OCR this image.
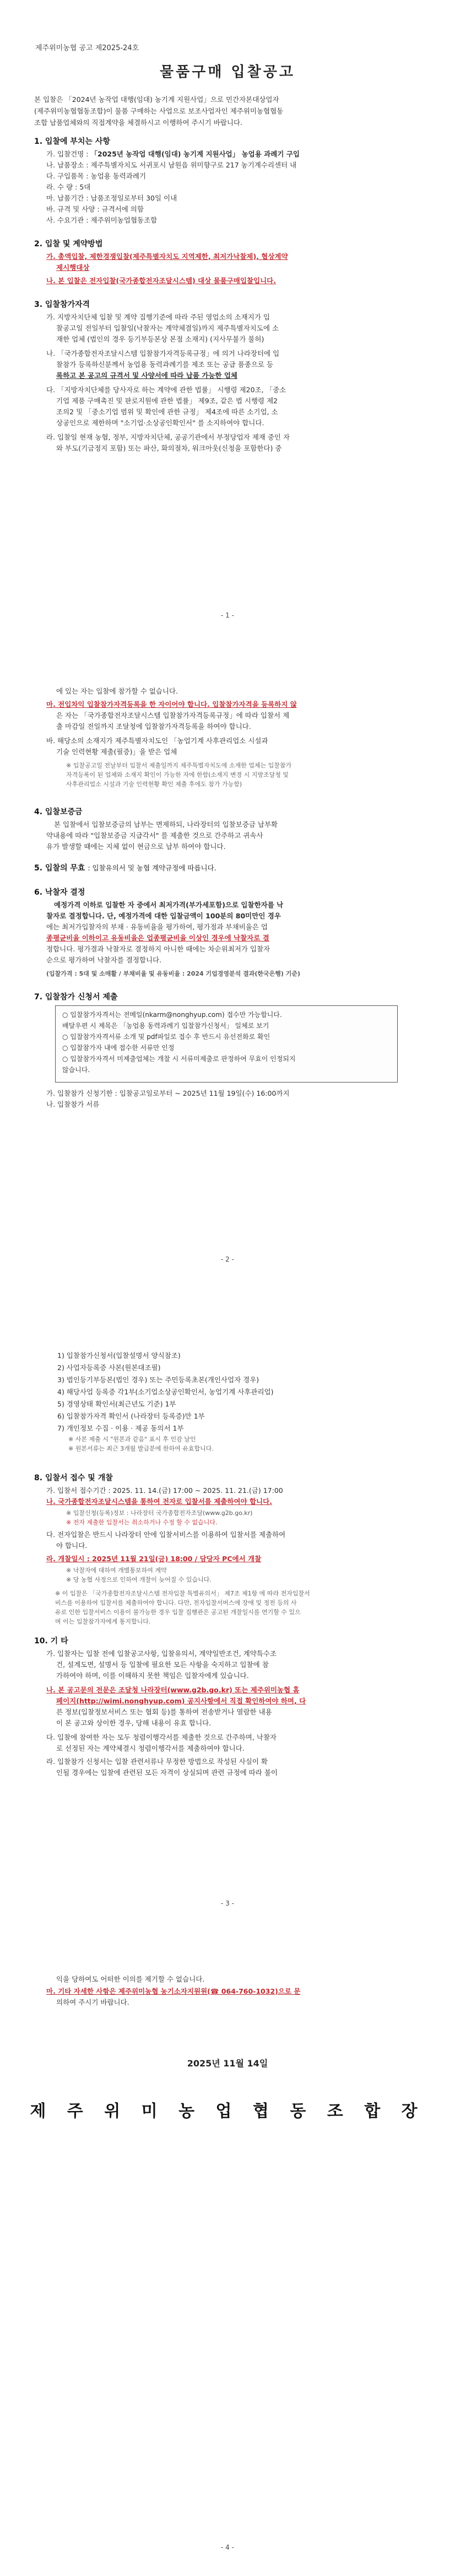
제주위미농협 공고 제2025-24호
물품구매 입찰공고
본 입찰은 「2024년 농작업 대행(임대) 농기계 지원사업」으로 민간자본대상업자
(제주위미농협협동조합)이 물품 구매하는 사업으로 보조사업자인 제주위미농협협동
조합 납품업체와의 직접계약을 체결하시고 이행하여 주시기 바랍니다.
1. 입찰에 부치는 사항
가. 입찰건명 : 「2025년 농작업 대행(임대) 농기계 지원사업」 농업용 과례기 구입
나. 납품장소 : 제주특별자치도 서귀포시 남원읍 위미향구로 217 농기계수리센터 내
다. 구입품목 : 농업용 동력과례기
라. 수 량 : 5대
마. 납품기간 : 납품조정일로부터 30일 이내
바. 규격 및 사양 : 규격서에 의함
사. 수요기관 : 제주위미농업협동조합
2. 입찰 및 계약방법
가. 총액입찰, 제한경쟁입찰(제주특별자치도 지역제한, 최저가낙찰제), 협상계약
제시행대상
나. 본 입찰은 전자입찰(국가종합전자조달시스템) 대상 물품구매입찰입니다.
3. 입찰참가자격
가. 지방자치단체 입찰 및 계약 집행기준에 따라 주된 영업소의 소재지가 입
찰공고일 전일부터 입찰일(낙찰자는 계약체결일)까지 제주특별자치도에 소
재한 업체 (법인의 경우 등기부등본상 본점 소재지) (지사무불가 불허)
나. 「국가종합전자조달시스템 입찰참가자격등록규정」에 의거 나라장터에 입
찰참가 등록하신분께서 농업용 동력과례기를 제조 또는 공급 품종으로 등
록하고 본 공고의 규격서 및 사양서에 따라 납품 가능한 업체
다. 「지방자치단체를 당사자로 하는 계약에 관한 법률」 시행령 제20조, 「중소
기업 제품 구매촉진 및 판로지원에 관한 법률」 제9조, 같은 법 시행령 제2
조의2 및 「중소기업 범위 및 확인에 관한 규정」 제4조에 따른 소기업, 소
상공인으로 제한하며 "소기업·소상공인확인서" 를 소지하여야 합니다.
라. 입찰일 현재 농협, 정부, 지방자치단체, 공공기관에서 부정당업자 제재 중인 자
와 부도(기금정지 포함) 또는 파산, 화의절차, 워크아웃(신청을 포함한다) 중
- 1 -
에 있는 자는 입찰에 참가할 수 없습니다.
마. 전입차익 입찰참가자격등록을 한 자이어야 합니다. 입찰참가자격을 등록하지 않
은 자는 「국가종합전자조달시스템 입찰참가자격등록규정」에 따라 입찰서 제
출 마감일 전일까지 조달청에 입찰참가자격등록을 하여야 합니다.
바. 해당소의 소재지가 제주특별자치도인 「농업기계 사후관리업소 시설과
기술 인력현황 제출(필증)」을 받은 업체
※ 입찰공고일 전날부터 입찰서 제출일까지 제주특별자치도에 소재한 업체는 입찰참가
자격등록이 된 업체와 소재지 확인이 가능한 자에 한함(소재지 변경 시 지방조달청 및
사후관리업소 시설과 기술 인력현황 확인 제출 후에도 참가 가능함)
4. 입찰보증금
본 입찰에서 입찰보증금의 납부는 면제하되, 나라장터의 입찰보증금 납부확
약내용에 따라 "입찰보증금 지급각서" 를 제출한 것으로 간주하고 귀속사
유가 발생할 때에는 지체 없이 현금으로 납부 하여야 합니다.
5. 입찰의 무효 : 입찰유의서 및 농협 계약규정에 따릅니다.
6. 낙찰자 결정
예정가격 이하로 입찰한 자 중에서 최저가격(부가세포함)으로 입찰한자를 낙
찰자로 결정합니다. 단, 예정가격에 대한 입찰금액이 100분의 80미만인 경우
에는 최저가입찰자의 부채 · 유동비율을 평가하여, 평가점과 부채비율은 업
종평균비율 이하이고 유동비율은 업종평균비율 이상인 경우에 낙찰자로 결
정합니다. 평가결과 낙찰자로 결정하지 아니한 때에는 차순위최저가 입찰자
순으로 평가하여 낙찰자를 결정합니다.
(입찰가격 : 5대 및 소매활 / 부채비율 및 유동비율 : 2024 기업경영분석 결과(한국은행) 기준)
7. 입찰참가 신청서 제출
○ 입찰참가자격서는 전메일(nkarm@nonghyup.com) 접수만 가능합니다.
배달우편 시 제목은 「농업용 동력과례기 입찰참가신청서」 일체로 보기
○ 입찰참가자격서류 소개 및 pdf파일로 접수 후 반드시 유선전화로 확인
○ 입찰참가자 내에 접수한 서류만 인정
○ 입찰참가자격서 미제출업체는 개찰 시 서류미제출로 판정하여 무효이 인정되지
않습니다.
가. 입찰참가 신청기한 : 입찰공고일로부터 ~ 2025년 11월 19일(수) 16:00까지
나. 입찰참가 서류
- 2 -
1) 입찰참가신청서(입찰설명서 양식참조)
2) 사업자등록증 사본(원본대조필)
3) 법인등기부등본(법인 경우) 또는 주민등록초본(개인사업자 경우)
4) 해당사업 등록증 각1부(소기업소상공인확인서, 농업기계 사후관리업)
5) 경영상태 확인서(최근년도 기준) 1부
6) 입찰참가자격 확인서 (나라장터 등록증)만 1부
7) 개인정보 수집 · 이용 · 제공 동의서 1부
※ 사본 제출 시 "원본과 같음" 표시 후 인감 날인
※ 원본서류는 최근 3개월 발급분에 한하여 유효합니다.
8. 입찰서 접수 및 개찰
가. 입찰서 접수기간 : 2025. 11. 14.(금) 17:00 ~ 2025. 11. 21.(금) 17:00
나. 국가종합전자조달시스템을 통하여 전자로 입찰서를 제출하여야 합니다.
※ 입찰신청(등록)정보 : 나라장터 국가종합전자조달(www.g2b.go.kr)
※ 전자 제출한 입찰서는 취소하거나 수정 할 수 없습니다.
다. 전자입찰은 반드시 나라장터 안에 입찰서비스를 이용하여 입찰서를 제출하여
야 합니다.
라. 개찰일시 : 2025년 11월 21일(금) 18:00 / 담당자 PC에서 개찰
※ 낙찰자에 대하여 개별통보하여 계약
※ 당 농협 사정으로 인하여 개찰이 늦어질 수 있습니다.
※ 이 입찰은 「국가종합전자조달시스템 전자입찰 특별유의서」 제7조 제1항 에 따라 전자입찰서
비스를 이용하여 입찰서를 제출하여야 합니다. 다만, 전자입찰서버스에 장애 및 정전 등의 사
유로 인한 입찰서비스 이용이 불가능한 경우 입찰 집행관은 공고된 개찰일시를 연기할 수 있으
며 이는 입찰참가자에게 통지합니다.
10. 기 타
가. 입찰자는 입찰 전에 입찰공고사항, 입찰유의서, 계약일반조건, 계약특수조
건, 설계도면, 설명서 등 입찰에 필요한 모든 사항을 숙지하고 입찰에 참
가하여야 하며, 이를 이해하지 못한 책임은 입찰자에게 있습니다.
나. 본 공고문의 전문은 조달청 나라장터(www.g2b.go.kr) 또는 제주위미농협 홈
페이지(http://wimi.nonghyup.com) 공지사항에서 직접 확인하여야 하며, 다
른 정보(입찰정보서비스 또는 협회 등)를 통하여 전송받거나 열람한 내용
이 본 공고와 상이한 경우, 당해 내용이 유효 합니다.
다. 입찰에 참여한 자는 모두 청렴이행각서를 제출한 것으로 간주하며, 낙찰자
로 선정된 자는 계약체결시 청렴이행각서를 제출하여야 합니다.
라. 입찰참가 신청서는 입찰 관련서류나 무정한 방법으로 작성된 사실이 확
인될 경우에는 입찰에 관련된 모든 자격이 상실되며 관련 규정에 따라 불이
- 3 -
익을 당하여도 어떠한 이의를 제기할 수 없습니다.
마. 기타 자세한 사항은 제주위미농협 농기소자지원원(☎ 064-760-1032)으로 문
의하여 주시기 바랍니다.
2025년 11월 14일
제 주 위 미 농 업 협 동 조 합 장
- 4 -
